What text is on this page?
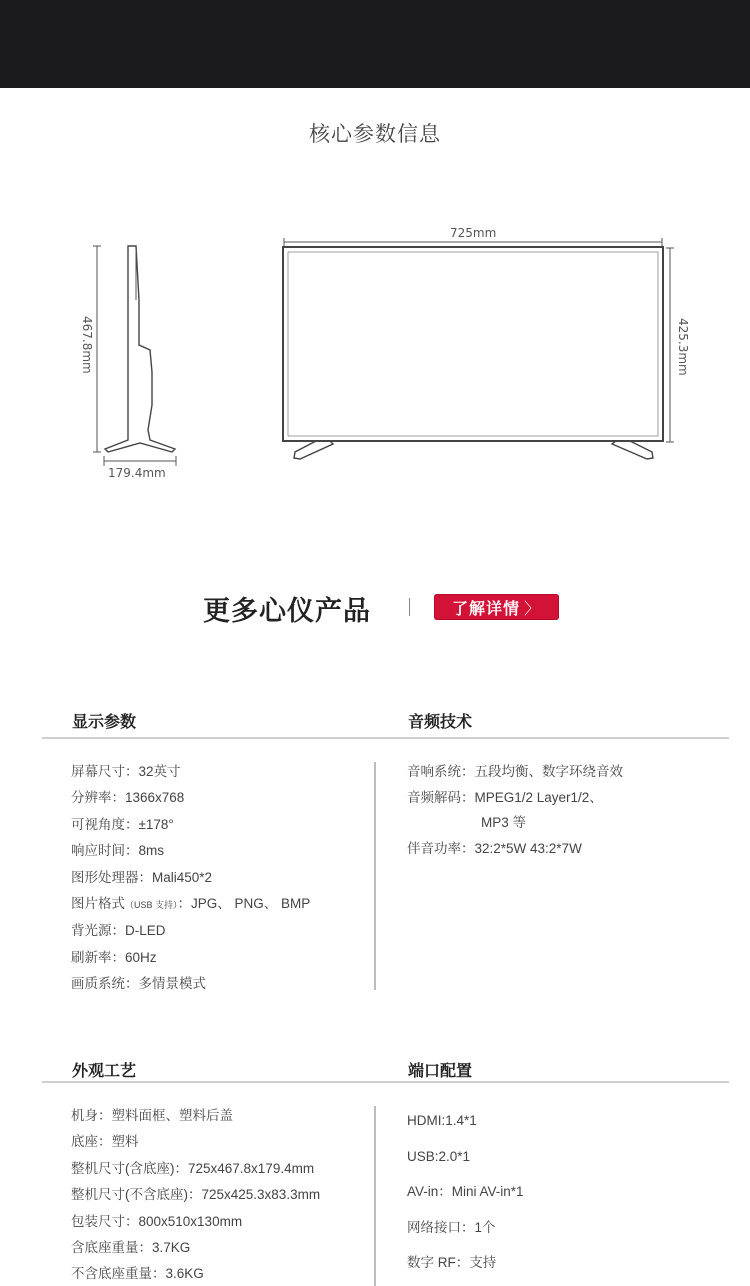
核心参数信息
725mm
179.4mm
467.8mm	425.3mm
更多心仪产品	了解详情 〉
显示参数	音频技术
屏幕尺寸：32英寸
分辨率：1366x768
可视角度：±178°
响应时间：8ms
图形处理器：Mali450*2
图片格式（USB 支持）：JPG、 PNG、 BMP
背光源：D-LED
刷新率：60Hz
画质系统：多情景模式
音响系统：五段均衡、数字环绕音效
音频解码：MPEG1/2 Layer1/2、
MP3 等
伴音功率：32:2*5W 43:2*7W
外观工艺	端口配置
机身：塑料面框、塑料后盖
底座：塑料
整机尺寸(含底座)：725x467.8x179.4mm
整机尺寸(不含底座)：725x425.3x83.3mm
包装尺寸：800x510x130mm
含底座重量：3.7KG
不含底座重量：3.6KG
HDMI:1.4*1
USB:2.0*1
AV-in：Mini AV-in*1
网络接口：1个
数字 RF：支持
